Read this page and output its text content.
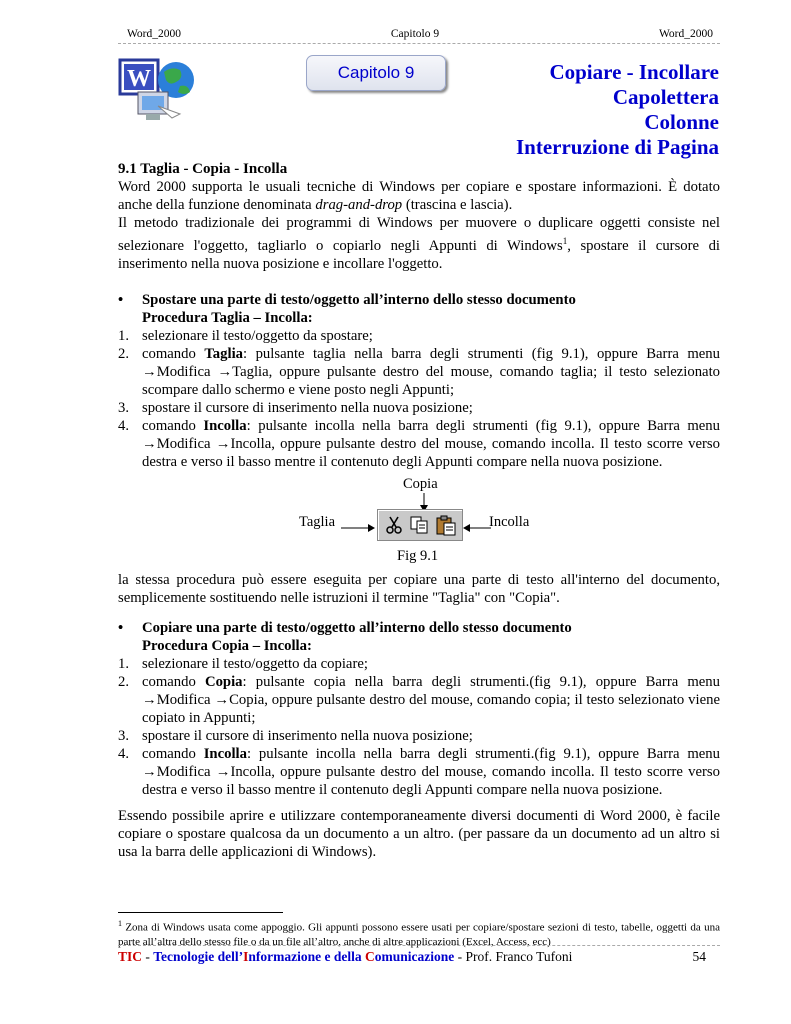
Word_2000	Capitolo 9	Word_2000
W	Capitolo 9	Copiare - Incollare
Capolettera
Colonne
Interruzione di Pagina
9.1 Taglia - Copia - Incolla

Word 2000 supporta le usuali tecniche di Windows per copiare e spostare informazioni. È dotato anche della funzione denominata drag-and-drop (trascina e lascia).

Il metodo tradizionale dei programmi di Windows per muovere o duplicare oggetti consiste nel selezionare l'oggetto, tagliarlo o copiarlo negli Appunti di Windows$^1$, spostare il cursore di inserimento nella nuova posizione e incollare l'oggetto.

• Spostare una parte di testo/oggetto all’interno dello stesso documento
Procedura Taglia – Incolla:
1. selezionare il testo/oggetto da spostare;
2. comando Taglia: pulsante taglia nella barra degli strumenti (fig 9.1), oppure Barra menu →Modifica →Taglia, oppure pulsante destro del mouse, comando taglia; il testo selezionato scompare dallo schermo e viene posto negli Appunti;
3. spostare il cursore di inserimento nella nuova posizione;
4. comando Incolla: pulsante incolla nella barra degli strumenti (fig 9.1), oppure Barra menu →Modifica →Incolla, oppure pulsante destro del mouse, comando incolla. Il testo scorre verso destra e verso il basso mentre il contenuto degli Appunti compare nella nuova posizione.
Copia
Taglia	Incolla
Fig 9.1

la stessa procedura può essere eseguita per copiare una parte di testo all'interno del documento, semplicemente sostituendo nelle istruzioni il termine "Taglia" con "Copia".

• Copiare una parte di testo/oggetto all’interno dello stesso documento
Procedura Copia – Incolla:
1. selezionare il testo/oggetto da copiare;
2. comando Copia: pulsante copia nella barra degli strumenti.(fig 9.1), oppure Barra menu →Modifica →Copia, oppure pulsante destro del mouse, comando copia; il testo selezionato viene copiato in Appunti;
3. spostare il cursore di inserimento nella nuova posizione;
4. comando Incolla: pulsante incolla nella barra degli strumenti.(fig 9.1), oppure Barra menu →Modifica →Incolla, oppure pulsante destro del mouse, comando incolla. Il testo scorre verso destra e verso il basso mentre il contenuto degli Appunti compare nella nuova posizione.

Essendo possibile aprire e utilizzare contemporaneamente diversi documenti di Word 2000, è facile copiare o spostare qualcosa da un documento a un altro. (per passare da un documento ad un altro si usa la barra delle applicazioni di Windows).

$^1$ Zona di Windows usata come appoggio. Gli appunti possono essere usati per copiare/spostare sezioni di testo, tabelle, oggetti da una parte all’altra dello stesso file o da un file all’altro, anche di altre applicazioni (Excel, Access, ecc)
TIC - Tecnologie dell’Informazione e della Comunicazione - Prof. Franco Tufoni	54
